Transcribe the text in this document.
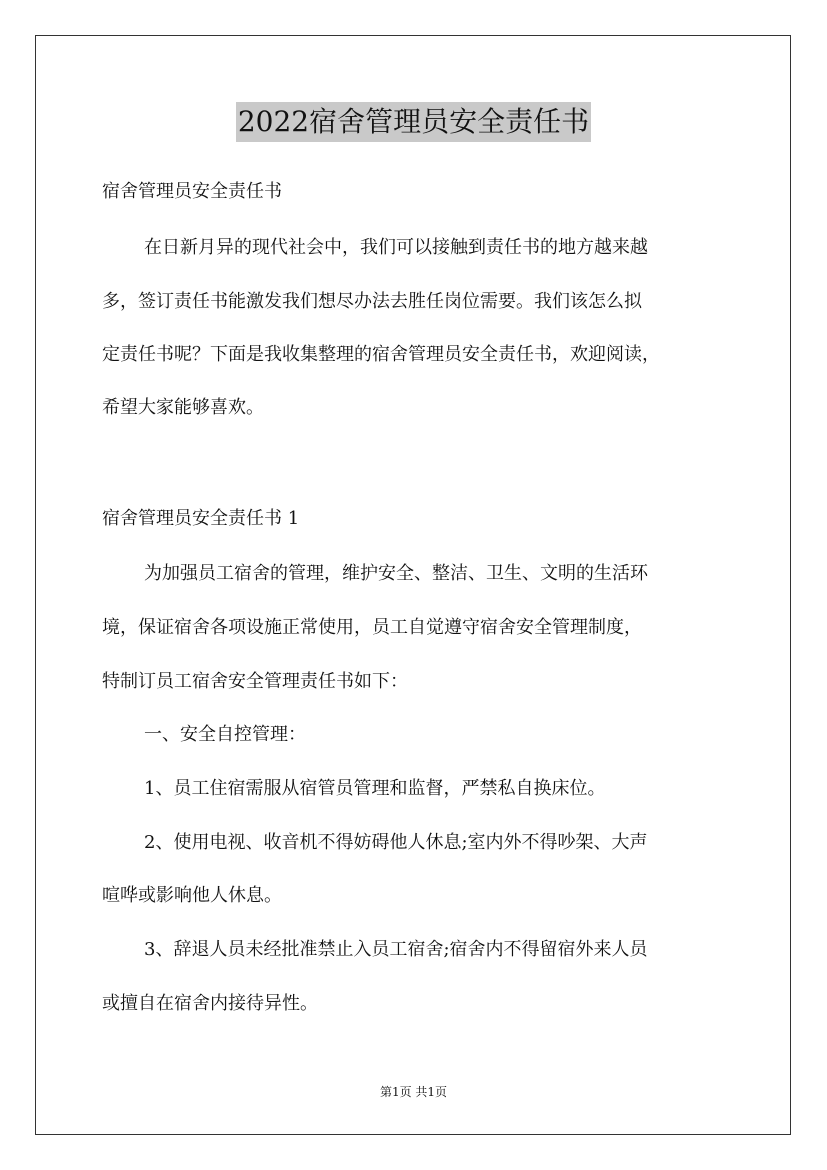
2022宿舍管理员安全责任书
宿舍管理员安全责任书
在日新月异的现代社会中，我们可以接触到责任书的地方越来越
多，签订责任书能激发我们想尽办法去胜任岗位需要。我们该怎么拟
定责任书呢？下面是我收集整理的宿舍管理员安全责任书，欢迎阅读，
希望大家能够喜欢。
宿舍管理员安全责任书 1
为加强员工宿舍的管理，维护安全、整洁、卫生、文明的生活环
境，保证宿舍各项设施正常使用，员工自觉遵守宿舍安全管理制度，
特制订员工宿舍安全管理责任书如下：
一、安全自控管理：
1、员工住宿需服从宿管员管理和监督，严禁私自换床位。
2、使用电视、收音机不得妨碍他人休息;室内外不得吵架、大声
喧哗或影响他人休息。
3、辞退人员未经批准禁止入员工宿舍;宿舍内不得留宿外来人员
或擅自在宿舍内接待异性。
第1页 共1页
